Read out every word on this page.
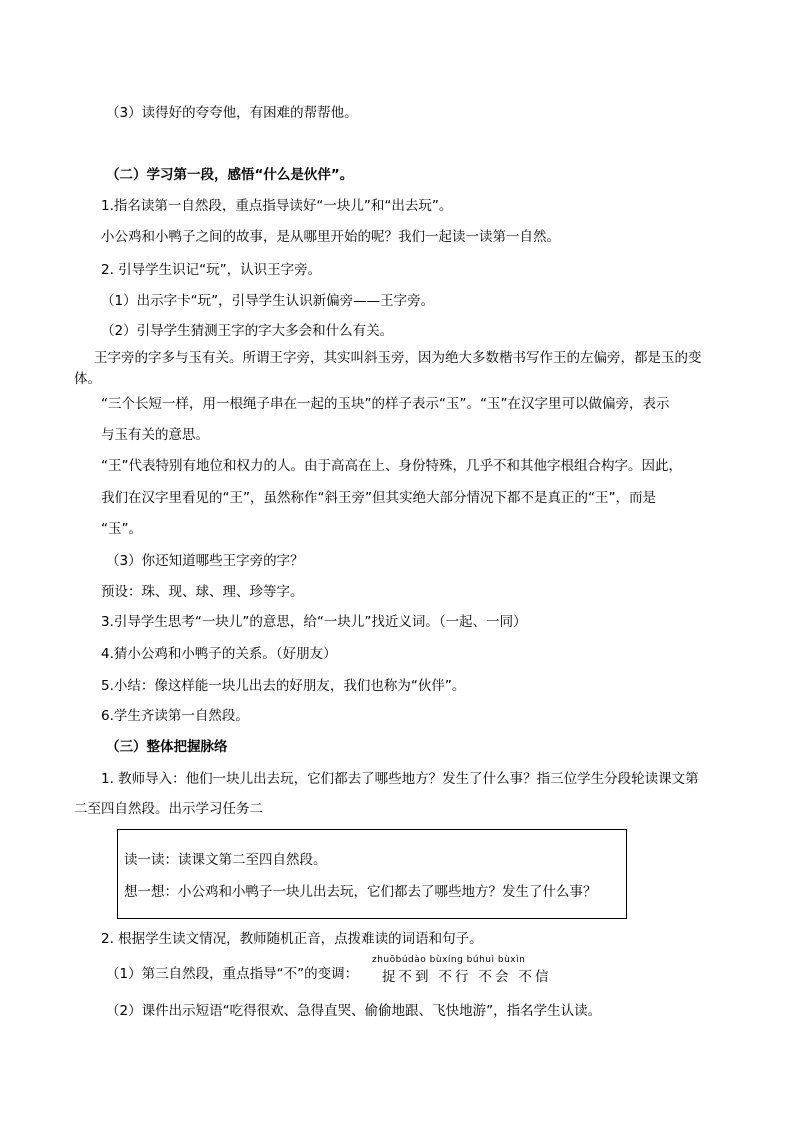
（3）读得好的夸夸他，有困难的帮帮他。
（二）学习第一段，感悟“什么是伙伴”。
1.指名读第一自然段，重点指导读好“一块儿”和“出去玩”。
小公鸡和小鸭子之间的故事，是从哪里开始的呢？我们一起读一读第一自然。
2. 引导学生识记“玩”，认识王字旁。
（1）出示字卡“玩”，引导学生认识新偏旁——王字旁。
（2）引导学生猜测王字的字大多会和什么有关。
王字旁的字多与玉有关。所谓王字旁，其实叫斜玉旁，因为绝大多数楷书写作王的左偏旁，都是玉的变
体。
“三个长短一样，用一根绳子串在一起的玉块”的样子表示“玉”。“玉”在汉字里可以做偏旁，表示
与玉有关的意思。
“王”代表特别有地位和权力的人。由于高高在上、身份特殊，几乎不和其他字根组合构字。因此，
我们在汉字里看见的“王”，虽然称作“斜王旁”但其实绝大部分情况下都不是真正的“王”，而是
“玉”。
（3）你还知道哪些王字旁的字？
预设：珠、现、球、理、珍等字。
3.引导学生思考“一块儿”的意思，给“一块儿”找近义词。（一起、一同）
4.猜小公鸡和小鸭子的关系。（好朋友）
5.小结：像这样能一块儿出去的好朋友，我们也称为“伙伴”。
6.学生齐读第一自然段。
（三）整体把握脉络
1. 教师导入：他们一块儿出去玩，它们都去了哪些地方？发生了什么事？指三位学生分段轮读课文第
二至四自然段。出示学习任务二
读一读：读课文第二至四自然段。
想一想：小公鸡和小鸭子一块儿出去玩，它们都去了哪些地方？发生了什么事？
2. 根据学生读文情况，教师随机正音，点拨难读的词语和句子。
（1）第三自然段，重点指导“不”的变调：
zhuōbúdào bùxíng búhuì bùxìn
捉 不 到 不 行 不 会 不 信
（2）课件出示短语“吃得很欢、急得直哭、偷偷地跟、飞快地游”，指名学生认读。
